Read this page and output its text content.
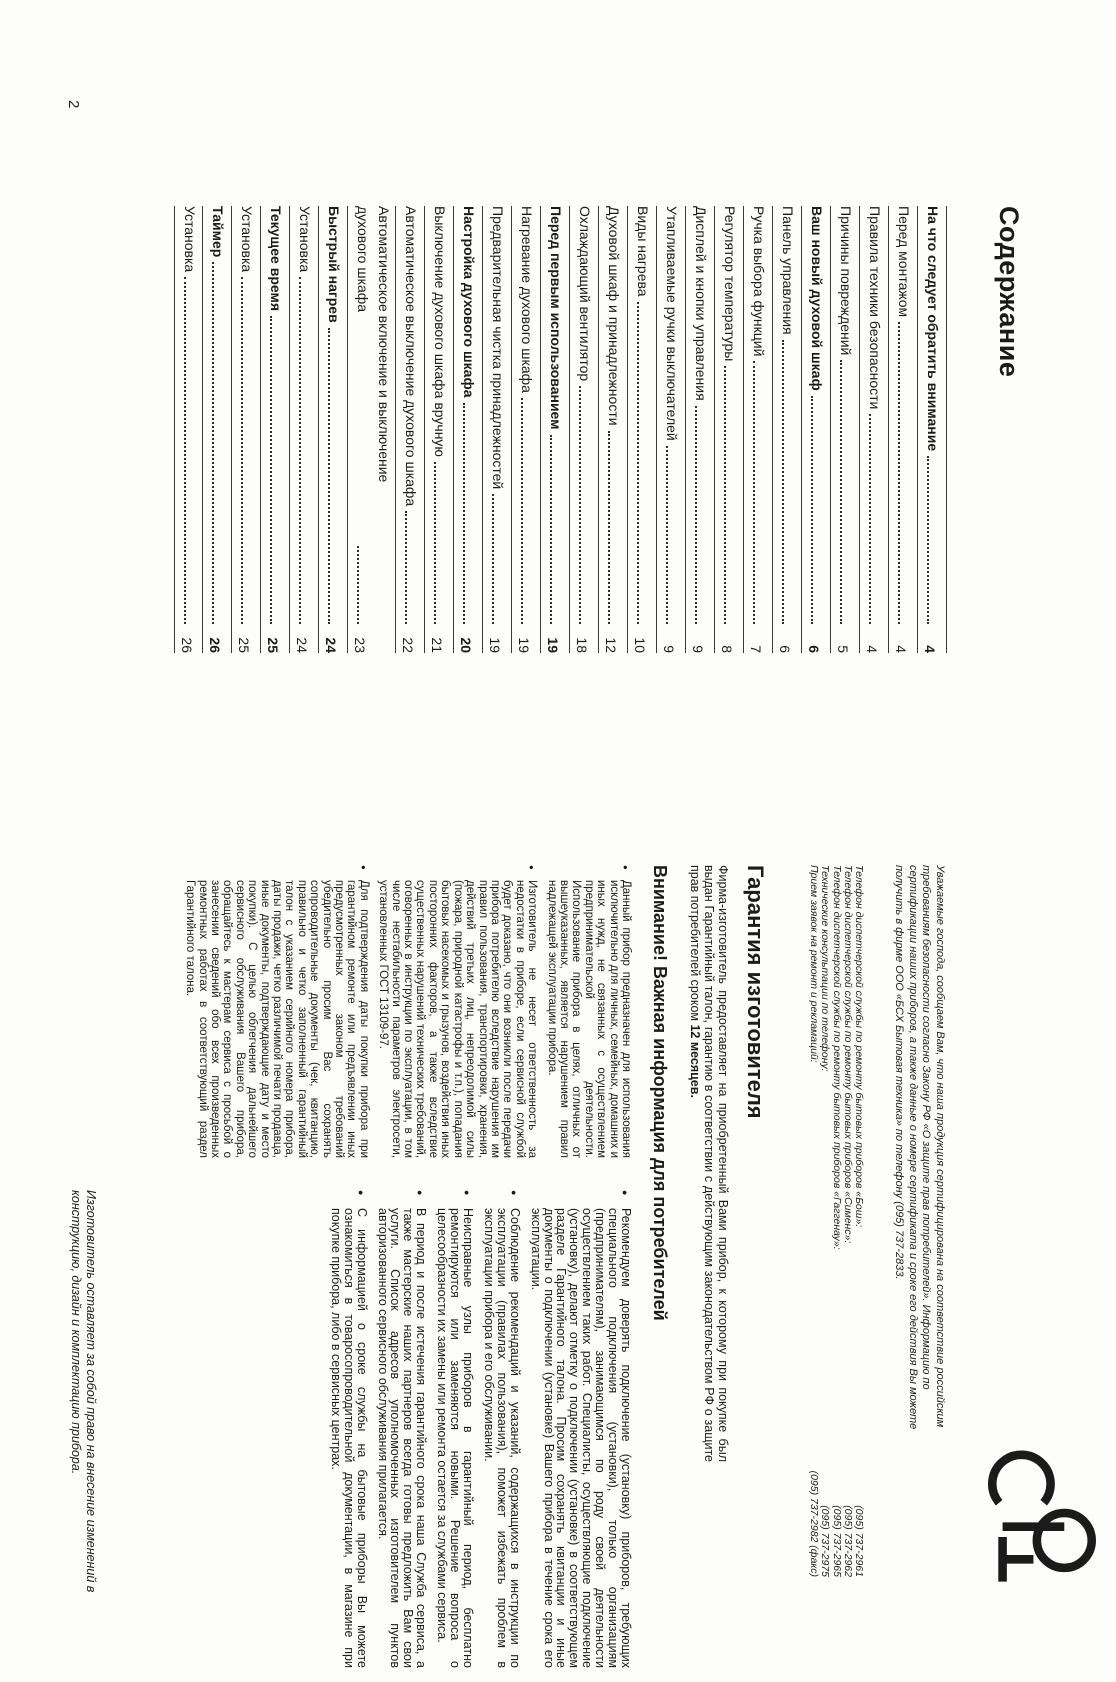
Содержание
На что следует обратить внимание
4
Перед монтажом
4
Правила техники безопасности
4
Причины повреждений
5
Ваш новый духовой шкаф
6
Панель управления
6
Ручка выбора функций
7
Регулятор температуры
8
Дисплей и кнопки управления
9
Утапливаемые ручки выключателей
9
Виды нагрева
10
Духовой шкаф и принадлежности
12
Охлаждающий вентилятор
18
Перед первым использованием
19
Нагревание духового шкафа
19
Предварительная чистка принадлежностей
19
Настройка духового шкафа
20
Выключение духового шкафа вручную
21
Автоматическое выключение духового шкафа
22
Автоматическое включение и выключение духового шкафа
23
Быстрый нагрев
24
Установка
24
Текущее время
25
Установка
25
Таймер
26
Установка
26
Уважаемые господа, сообщаем Вам, что наша продукция сертифицирована на соответствие российским требованиям безопасности согласно Закону РФ «О защите прав потребителей». Информацию по сертификации наших приборов, а также данные о номере сертификата и сроке его действия Вы можете получить в фирме ООО «БСХ Бытовая техника» по телефону (095) 737-2833.
Телефон диспетчерской службы по ремонту бытовых приборов «Бош»:
(095) 737-2961
Телефон диспетчерской службы по ремонту бытовых приборов «Сименс»:
(095) 737-2962
Телефон диспетчерской службы по ремонту бытовых приборов «Гаггенау»:
(095) 737-2965
Технические консультации по телефону:
(095) 737-2975
Прием заявок на ремонт и рекламаций:
(095) 737-2982 (факс)
Гарантия изготовителя
Фирма-изготовитель предоставляет на приобретенный Вами прибор, к которому при покупке был выдан Гарантийный талон, гарантию в соответствии с действующим законодательством РФ о защите прав потребителей сроком 12 месяцев.
Внимание! Важная информация для потребителей
●
Данный прибор предназначен для использования исключительно для личных, семейных, домашних и иных нужд, не связанных с осуществлением предпринимательской деятельности. Использование прибора в целях, отличных от вышеуказанных, является нарушением правил надлежащей эксплуатации прибора.
●
Изготовитель не несет ответственность за недостатки в приборе, если сервисной службой будет доказано, что они возникли после передачи прибора потребителю вследствие нарушения им правил пользования, транспортировки, хранения, действий третьих лиц, непреодолимой силы (пожара, природной катастрофы и т.п.), попадания бытовых насекомых и грызунов, воздействия иных посторонних факторов, а также вследствие существенных нарушений технических требований, оговоренных в инструкции по эксплуатации, в том числе нестабильности параметров электросети, установленных ГОСТ 13109-97.
●
Для подтверждения даты покупки прибора при гарантийном ремонте или предъявлении иных предусмотренных законом требований убедительно просим Вас сохранять сопроводительные документы (чек, квитанцию, правильно и четко заполненный гарантийный талон с указанием серийного номера прибора, даты продажи, четко различимой печати продавца, иные документы, подтверждающие дату и место покупки). С целью облегчения дальнейшего сервисного обслуживания Вашего прибора, обращайтесь к мастерам сервиса с просьбой о занесении сведений обо всех произведенных ремонтных работах в соответствующий раздел Гарантийного талона.
●
Рекомендуем доверять подключение (установку) приборов, требующих специального подключения (установки), только организациям (предпринимателям), занимающимся по роду своей деятельности осуществлением таких работ. Специалисты, осуществляющие подключение (установку), делают отметку о подключении (установке) в соответствующем разделе Гарантийного талона. Просим сохранять квитанции и иные документы о подключении (установке) Вашего прибора в течение срока его эксплуатации.
●
Соблюдение рекомендаций и указаний, содержащихся в инструкции по эксплуатации (правилах пользования), поможет избежать проблем в эксплуатации прибора и его обслуживании.
●
Неисправные узлы приборов в гарантийный период, бесплатно ремонтируются или заменяются новыми. Решение вопроса о целесообразности их замены или ремонта остается за службами сервиса.
●
В период и после истечения гарантийного срока наша Служба сервиса, а также мастерские наших партнеров всегда готовы предложить Вам свои услуги. Список адресов уполномоченных изготовителем пунктов авторизованного сервисного обслуживания прилагается.
●
С информацией о сроке службы на бытовые приборы Вы можете ознакомиться в товаросопроводительной документации, в магазине при покупке прибора, либо в сервисных центрах.
Изготовитель оставляет за собой право на внесение изменений в конструкцию, дизайн и комплектацию прибора.
2
